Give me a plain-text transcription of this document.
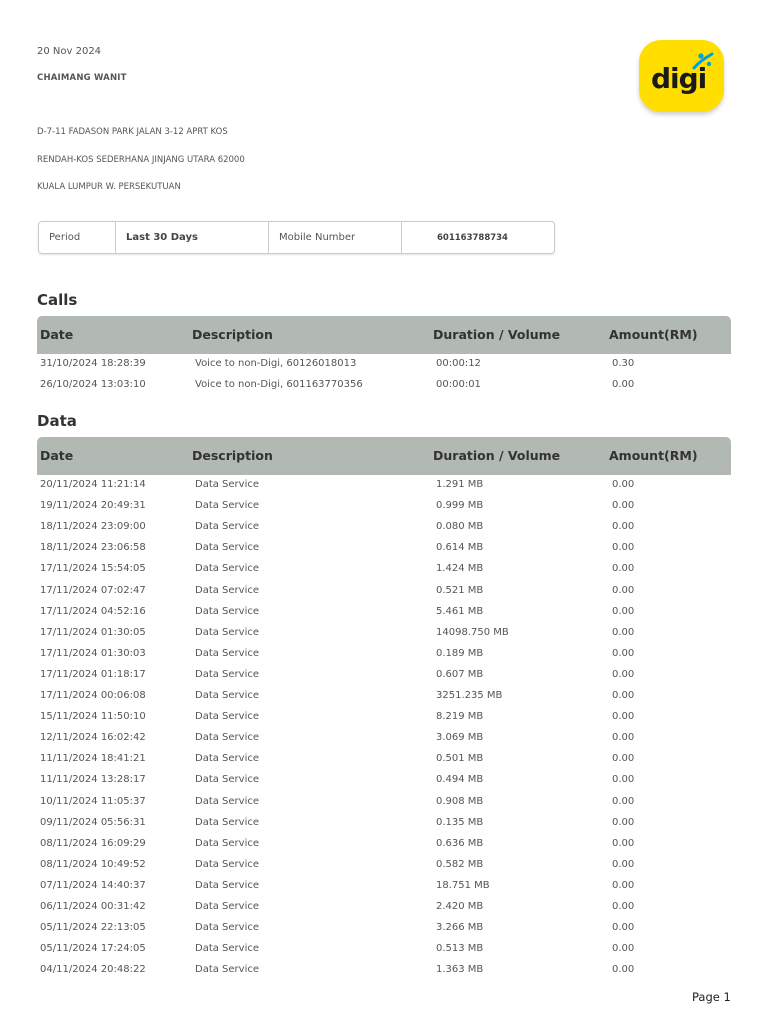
20 Nov 2024
CHAIMANG WANIT
D-7-11 FADASON PARK JALAN 3-12 APRT KOS
RENDAH-KOS SEDERHANA JINJANG UTARA 62000
KUALA LUMPUR W. PERSEKUTUAN
digi
Period	Last 30 Days	Mobile Number	601163788734
Calls
Date	Description	Duration / Volume	Amount(RM)
31/10/2024 18:28:39	Voice to non-Digi, 60126018013	00:00:12	0.30
26/10/2024 13:03:10	Voice to non-Digi, 601163770356	00:00:01	0.00
Data
Date	Description	Duration / Volume	Amount(RM)
20/11/2024 11:21:14	Data Service	1.291 MB	0.00
19/11/2024 20:49:31	Data Service	0.999 MB	0.00
18/11/2024 23:09:00	Data Service	0.080 MB	0.00
18/11/2024 23:06:58	Data Service	0.614 MB	0.00
17/11/2024 15:54:05	Data Service	1.424 MB	0.00
17/11/2024 07:02:47	Data Service	0.521 MB	0.00
17/11/2024 04:52:16	Data Service	5.461 MB	0.00
17/11/2024 01:30:05	Data Service	14098.750 MB	0.00
17/11/2024 01:30:03	Data Service	0.189 MB	0.00
17/11/2024 01:18:17	Data Service	0.607 MB	0.00
17/11/2024 00:06:08	Data Service	3251.235 MB	0.00
15/11/2024 11:50:10	Data Service	8.219 MB	0.00
12/11/2024 16:02:42	Data Service	3.069 MB	0.00
11/11/2024 18:41:21	Data Service	0.501 MB	0.00
11/11/2024 13:28:17	Data Service	0.494 MB	0.00
10/11/2024 11:05:37	Data Service	0.908 MB	0.00
09/11/2024 05:56:31	Data Service	0.135 MB	0.00
08/11/2024 16:09:29	Data Service	0.636 MB	0.00
08/11/2024 10:49:52	Data Service	0.582 MB	0.00
07/11/2024 14:40:37	Data Service	18.751 MB	0.00
06/11/2024 00:31:42	Data Service	2.420 MB	0.00
05/11/2024 22:13:05	Data Service	3.266 MB	0.00
05/11/2024 17:24:05	Data Service	0.513 MB	0.00
04/11/2024 20:48:22	Data Service	1.363 MB	0.00
Page 1
